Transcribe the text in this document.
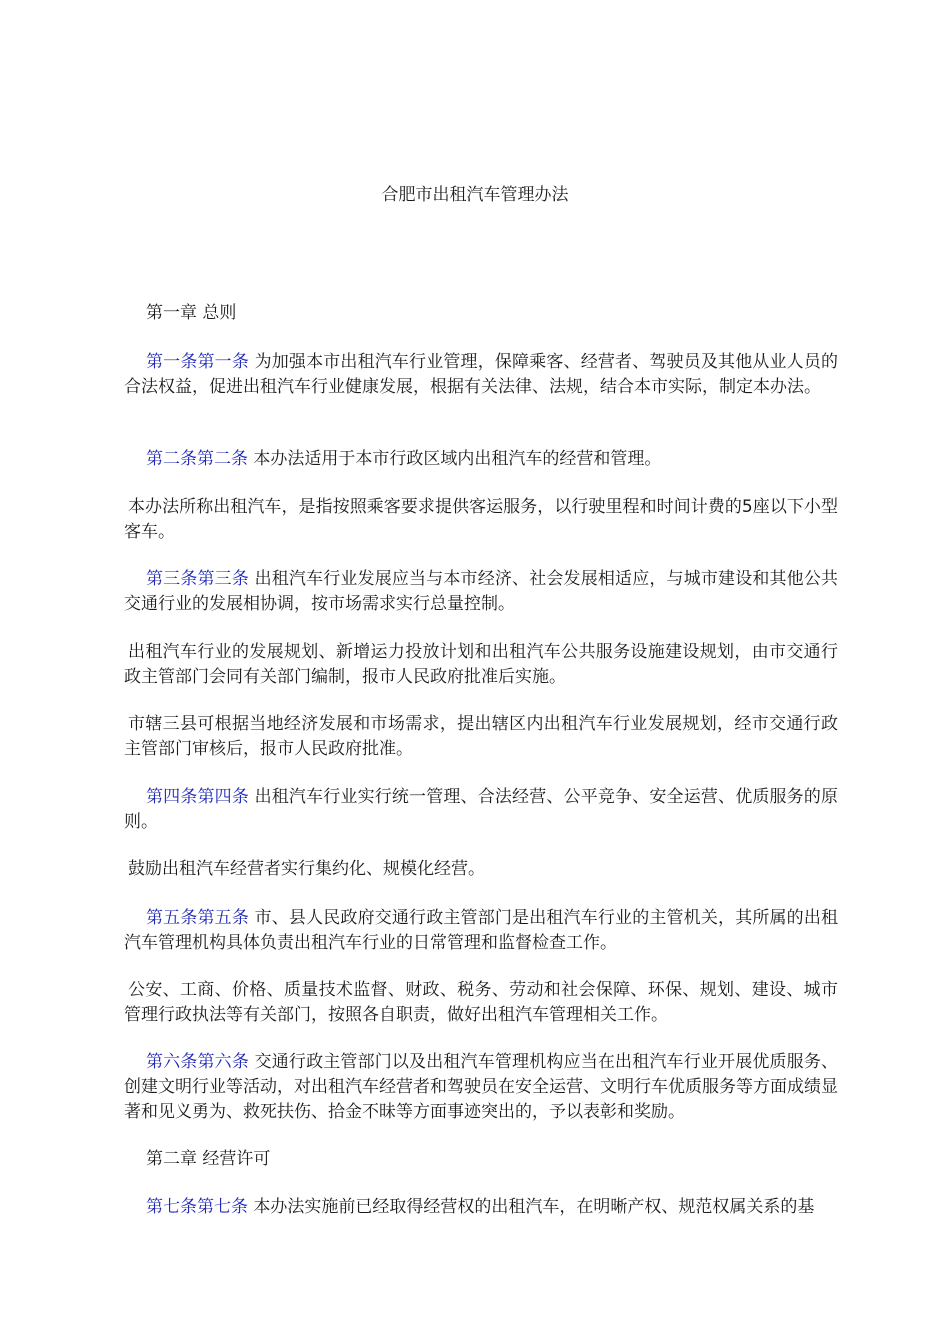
合肥市出租汽车管理办法
第一章 总则
第一条第一条 为加强本市出租汽车行业管理，保障乘客、经营者、驾驶员及其他从业人员的合法权益，促进出租汽车行业健康发展，根据有关法律、法规，结合本市实际，制定本办法。
第二条第二条 本办法适用于本市行政区域内出租汽车的经营和管理。
本办法所称出租汽车，是指按照乘客要求提供客运服务，以行驶里程和时间计费的5座以下小型客车。
第三条第三条 出租汽车行业发展应当与本市经济、社会发展相适应，与城市建设和其他公共交通行业的发展相协调，按市场需求实行总量控制。
出租汽车行业的发展规划、新增运力投放计划和出租汽车公共服务设施建设规划，由市交通行政主管部门会同有关部门编制，报市人民政府批准后实施。
市辖三县可根据当地经济发展和市场需求，提出辖区内出租汽车行业发展规划，经市交通行政主管部门审核后，报市人民政府批准。
第四条第四条 出租汽车行业实行统一管理、合法经营、公平竞争、安全运营、优质服务的原则。
鼓励出租汽车经营者实行集约化、规模化经营。
第五条第五条 市、县人民政府交通行政主管部门是出租汽车行业的主管机关，其所属的出租汽车管理机构具体负责出租汽车行业的日常管理和监督检查工作。
公安、工商、价格、质量技术监督、财政、税务、劳动和社会保障、环保、规划、建设、城市管理行政执法等有关部门，按照各自职责，做好出租汽车管理相关工作。
第六条第六条 交通行政主管部门以及出租汽车管理机构应当在出租汽车行业开展优质服务、创建文明行业等活动，对出租汽车经营者和驾驶员在安全运营、文明行车优质服务等方面成绩显著和见义勇为、救死扶伤、拾金不昧等方面事迹突出的，予以表彰和奖励。
第二章 经营许可
第七条第七条 本办法实施前已经取得经营权的出租汽车，在明晰产权、规范权属关系的基
